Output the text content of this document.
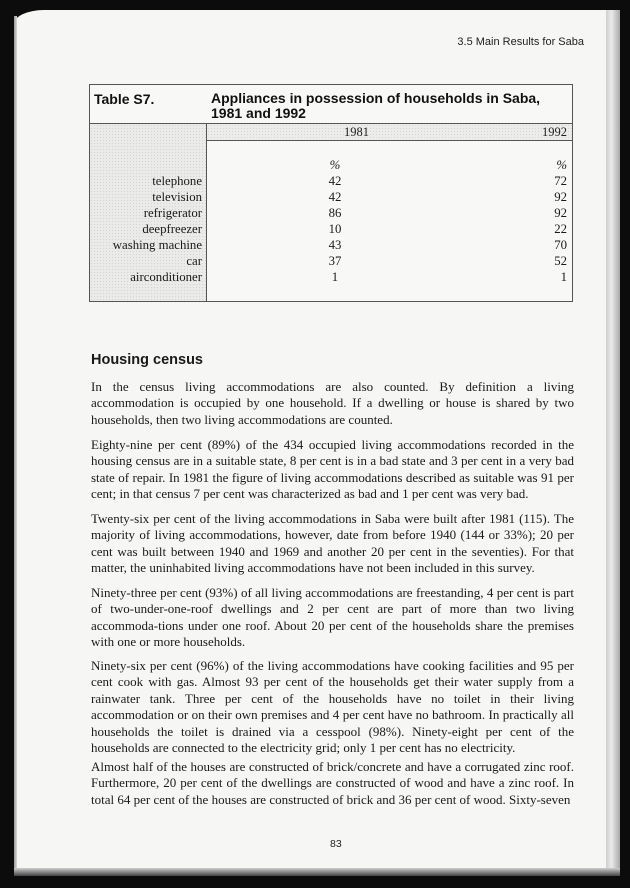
3.5 Main Results for Saba
Table S7.	Appliances in possession of households in Saba, 1981 and 1992
1981	1992

telephone
television
refrigerator
deepfreezer
washing machine
car
airconditioner
%
42
42
86
10
43
37
1
%
72
92
92
22
70
52
1
Housing census

In the census living accommodations are also counted. By definition a living accommodation is occupied by one household. If a dwelling or house is shared by two households, then two living accommodations are counted.

Eighty-nine per cent (89%) of the 434 occupied living accommodations recorded in the housing census are in a suitable state, 8 per cent is in a bad state and 3 per cent in a very bad state of repair. In 1981 the figure of living accommodations described as suitable was 91 per cent; in that census 7 per cent was characterized as bad and 1 per cent was very bad.

Twenty-six per cent of the living accommodations in Saba were built after 1981 (115). The majority of living accommodations, however, date from before 1940 (144 or 33%); 20 per cent was built between 1940 and 1969 and another 20 per cent in the seventies). For that matter, the uninhabited living accommodations have not been included in this survey.

Ninety-three per cent (93%) of all living accommodations are freestanding, 4 per cent is part of two-under-one-roof dwellings and 2 per cent are part of more than two living accommoda-tions under one roof. About 20 per cent of the households share the premises with one or more households.

Ninety-six per cent (96%) of the living accommodations have cooking facilities and 95 per cent cook with gas. Almost 93 per cent of the households get their water supply from a rainwater tank. Three per cent of the households have no toilet in their living accommodation or on their own premises and 4 per cent have no bathroom. In practically all households the toilet is drained via a cesspool (98%). Ninety-eight per cent of the households are connected to the electricity grid; only 1 per cent has no electricity.

Almost half of the houses are constructed of brick/concrete and have a corrugated zinc roof. Furthermore, 20 per cent of the dwellings are constructed of wood and have a zinc roof. In total 64 per cent of the houses are constructed of brick and 36 per cent of wood. Sixty-seven

83
